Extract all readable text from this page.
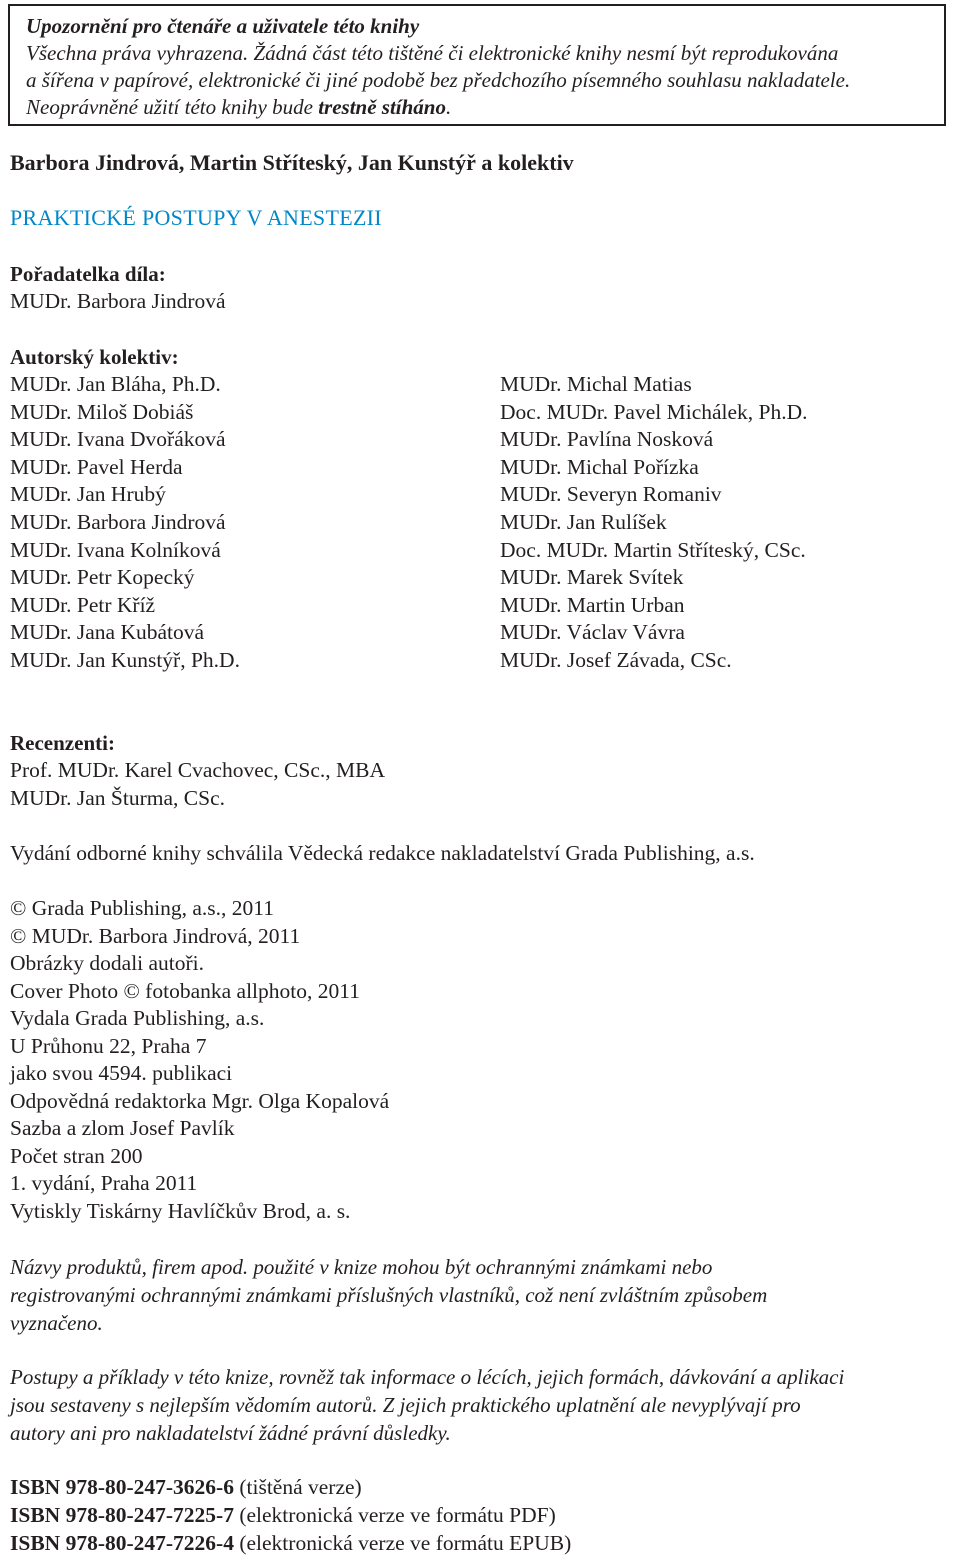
Upozornění pro čtenáře a uživatele této knihy
Všechna práva vyhrazena. Žádná část této tištěné či elektronické knihy nesmí být reprodukována
a šířena v papírové, elektronické či jiné podobě bez předchozího písemného souhlasu nakladatele.
Neoprávněné užití této knihy bude trestně stíháno.
Barbora Jindrová, Martin Stříteský, Jan Kunstýř a kolektiv
PRAKTICKÉ POSTUPY V ANESTEZII
Pořadatelka díla:
MUDr. Barbora Jindrová
Autorský kolektiv:
MUDr. Jan Bláha, Ph.D.
MUDr. Miloš Dobiáš
MUDr. Ivana Dvořáková
MUDr. Pavel Herda
MUDr. Jan Hrubý
MUDr. Barbora Jindrová
MUDr. Ivana Kolníková
MUDr. Petr Kopecký
MUDr. Petr Kříž
MUDr. Jana Kubátová
MUDr. Jan Kunstýř, Ph.D.
MUDr. Michal Matias
Doc. MUDr. Pavel Michálek, Ph.D.
MUDr. Pavlína Nosková
MUDr. Michal Pořízka
MUDr. Severyn Romaniv
MUDr. Jan Rulíšek
Doc. MUDr. Martin Stříteský, CSc.
MUDr. Marek Svítek
MUDr. Martin Urban
MUDr. Václav Vávra
MUDr. Josef Závada, CSc.
Recenzenti:
Prof. MUDr. Karel Cvachovec, CSc., MBA
MUDr. Jan Šturma, CSc.
Vydání odborné knihy schválila Vědecká redakce nakladatelství Grada Publishing, a.s.
© Grada Publishing, a.s., 2011
© MUDr. Barbora Jindrová, 2011
Obrázky dodali autoři.
Cover Photo © fotobanka allphoto, 2011
Vydala Grada Publishing, a.s.
U Průhonu 22, Praha 7
jako svou 4594. publikaci
Odpovědná redaktorka Mgr. Olga Kopalová
Sazba a zlom Josef Pavlík
Počet stran 200
1. vydání, Praha 2011
Vytiskly Tiskárny Havlíčkův Brod, a. s.
Názvy produktů, firem apod. použité v knize mohou být ochrannými známkami nebo
registrovanými ochrannými známkami příslušných vlastníků, což není zvláštním způsobem
vyznačeno.
Postupy a příklady v této knize, rovněž tak informace o lécích, jejich formách, dávkování a aplikaci
jsou sestaveny s nejlepším vědomím autorů. Z jejich praktického uplatnění ale nevyplývají pro
autory ani pro nakladatelství žádné právní důsledky.
ISBN 978-80-247-3626-6 (tištěná verze)
ISBN 978-80-247-7225-7 (elektronická verze ve formátu PDF)
ISBN 978-80-247-7226-4 (elektronická verze ve formátu EPUB)
